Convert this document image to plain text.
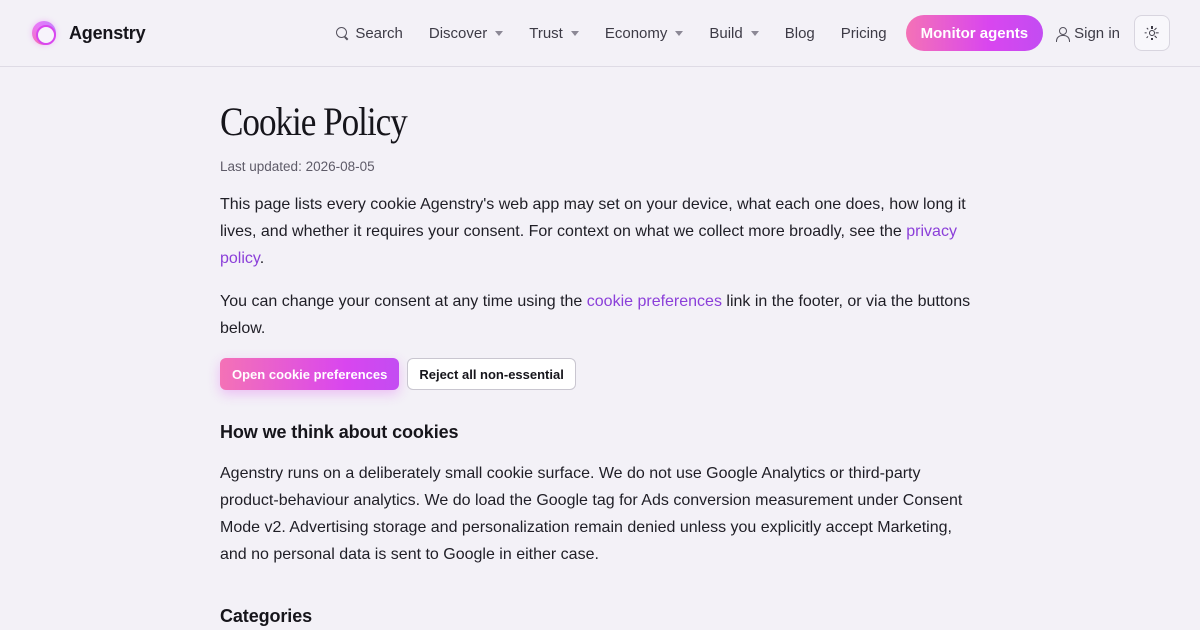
Agenstry	Search Discover	Trust	Economy	Build	Blog Pricing	Monitor agents	Sign in
Cookie Policy

Last updated: 2026-08-05

This page lists every cookie Agenstry's web app may set on your device, what each one does, how long it lives, and whether it requires your consent. For context on what we collect more broadly, see the privacy policy.

You can change your consent at any time using the cookie preferences link in the footer, or via the buttons below.

Open cookie preferences	Reject all non-essential
How we think about cookies

Agenstry runs on a deliberately small cookie surface. We do not use Google Analytics or third-party product-behaviour analytics. We do load the Google tag for Ads conversion measurement under Consent Mode v2. Advertising storage and personalization remain denied unless you explicitly accept Marketing, and no personal data is sent to Google in either case.

Categories
